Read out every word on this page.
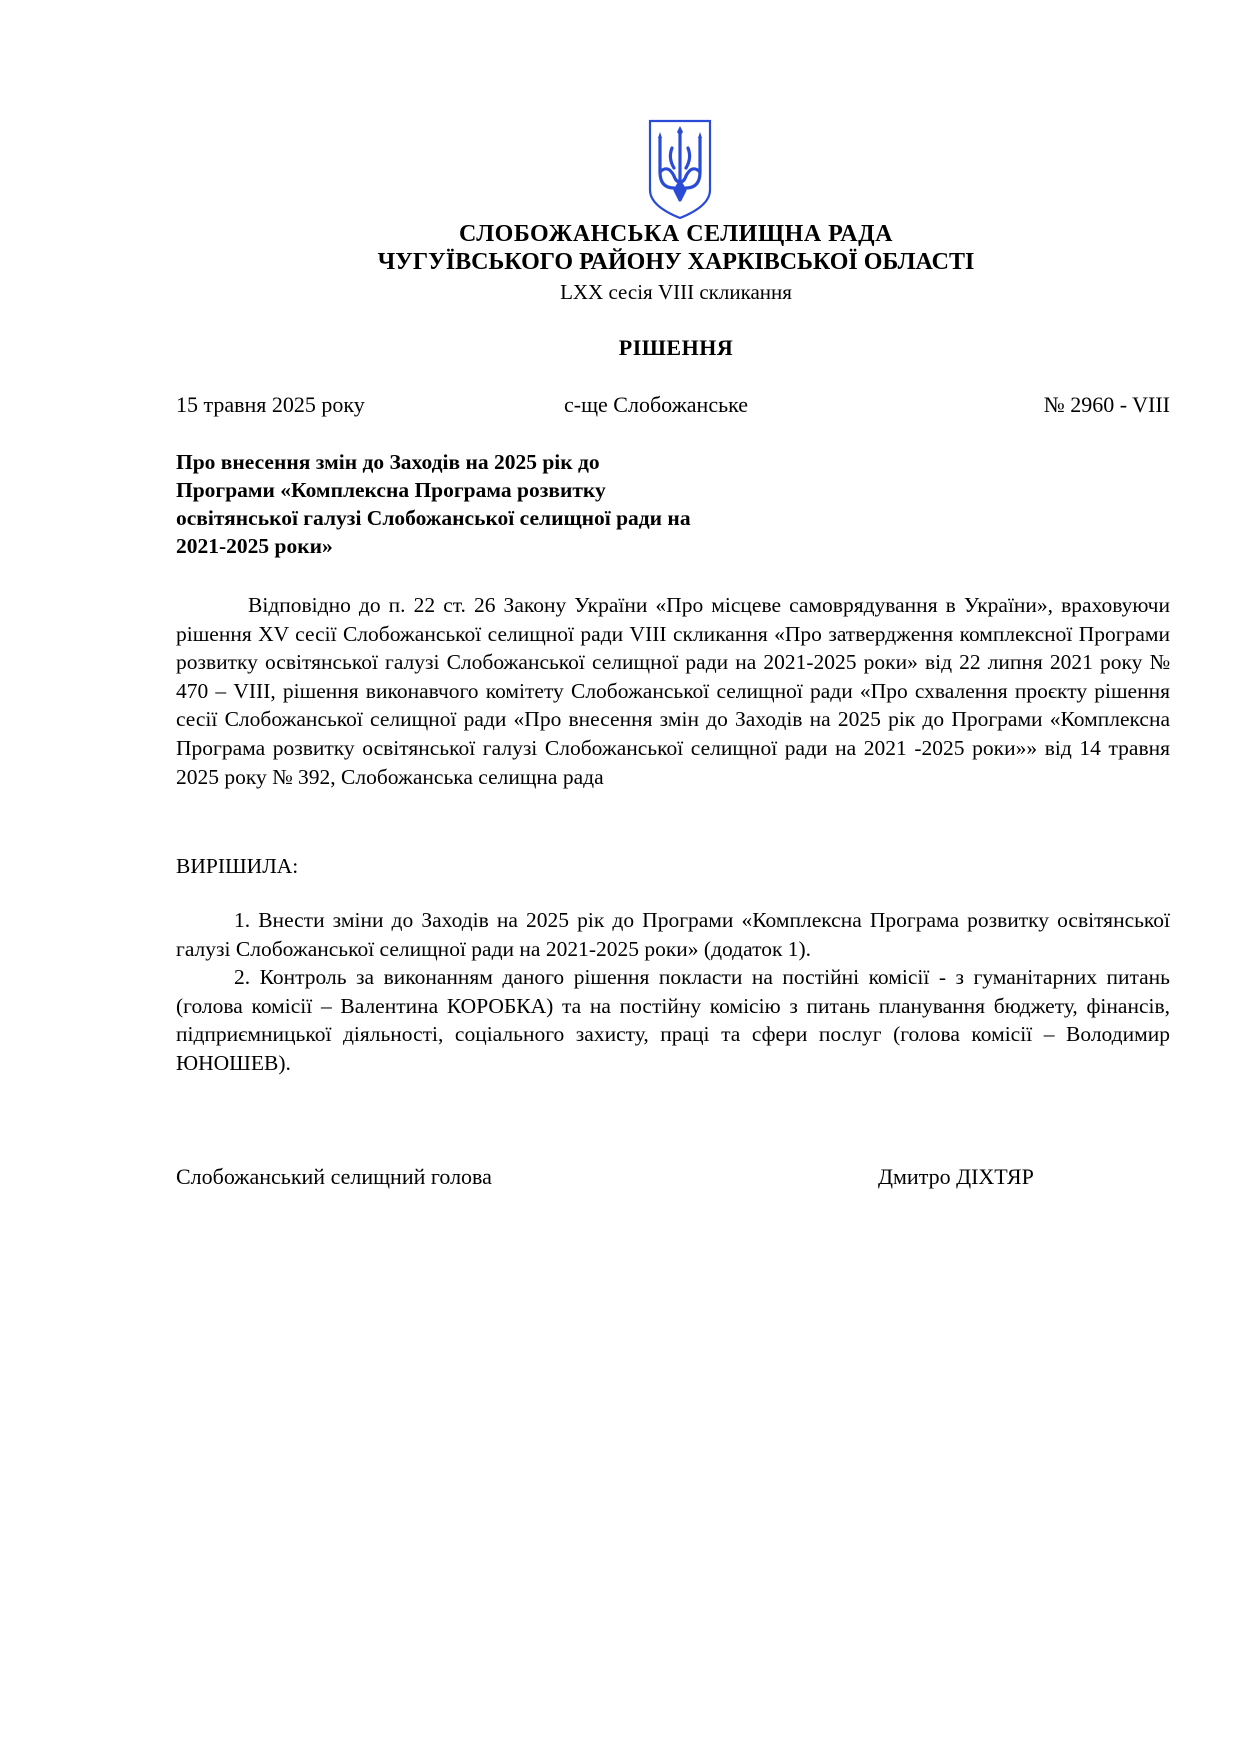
СЛОБОЖАНСЬКА СЕЛИЩНА РАДА
ЧУГУЇВСЬКОГО РАЙОНУ ХАРКІВСЬКОЇ ОБЛАСТІ
LXX сесія VIII скликання
РІШЕННЯ
15 травня 2025 року	с-ще Слобожанське	№ 2960 - VIII
Про внесення змін до Заходів на 2025 рік до Програми «Комплексна Програма розвитку освітянської галузі Слобожанської селищної ради на 2021-2025 роки»
Відповідно до п. 22 ст. 26 Закону України «Про місцеве самоврядування в України», враховуючи рішення XV сесії Слобожанської селищної ради VIII скликання «Про затвердження комплексної Програми розвитку освітянської галузі Слобожанської селищної ради на 2021-2025 роки» від 22 липня 2021 року № 470 – VIII, рішення виконавчого комітету Слобожанської селищної ради «Про схвалення проєкту рішення сесії Слобожанської селищної ради «Про внесення змін до Заходів на 2025 рік до Програми «Комплексна Програма розвитку освітянської галузі Слобожанської селищної ради на 2021 -2025 роки»» від 14 травня 2025 року № 392, Слобожанська селищна рада
ВИРІШИЛА:
1. Внести зміни до Заходів на 2025 рік до Програми «Комплексна Програма розвитку освітянської галузі Слобожанської селищної ради на 2021-2025 роки» (додаток 1).
2. Контроль за виконанням даного рішення покласти на постійні комісії - з гуманітарних питань (голова комісії – Валентина КОРОБКА) та на постійну комісію з питань планування бюджету, фінансів, підприємницької діяльності, соціального захисту, праці та сфери послуг (голова комісії – Володимир ЮНОШЕВ).
Слобожанський селищний голова	Дмитро ДІХТЯР
